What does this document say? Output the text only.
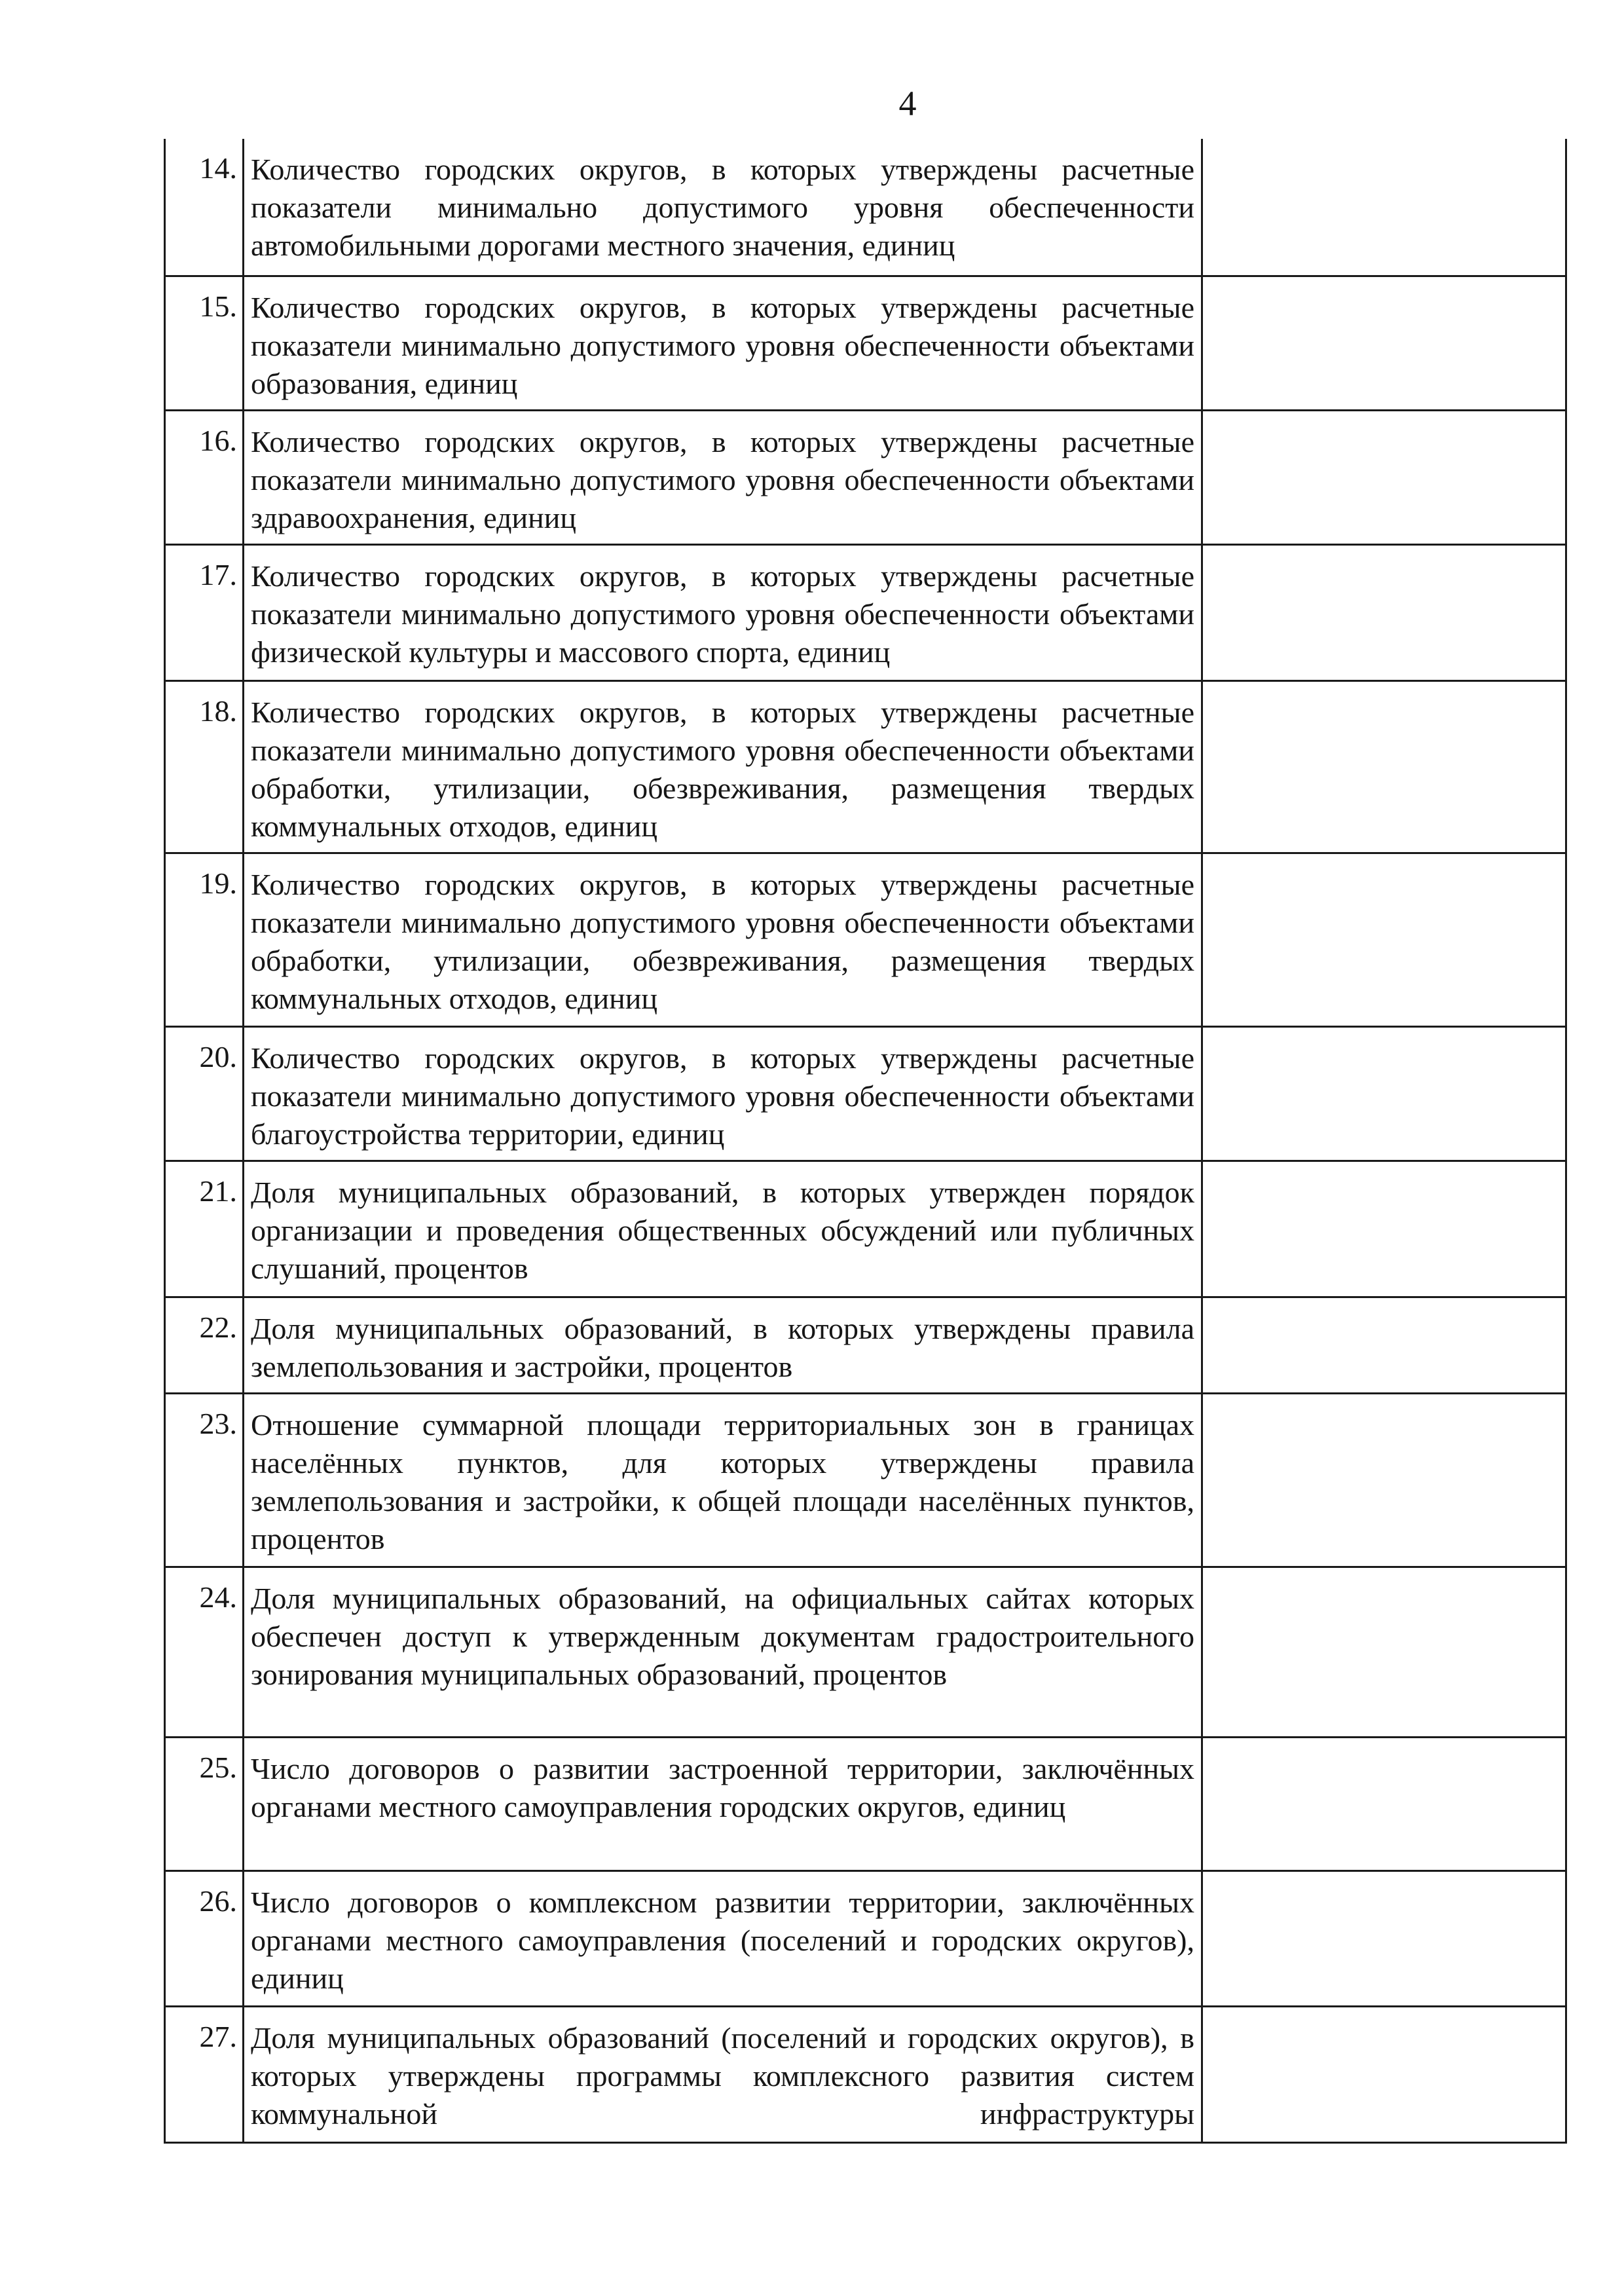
4
14.	Количество городских округов, в которых утверждены расчетные показатели минимально допустимого уровня обеспеченности автомобильными дорогами местного значения, единиц	

15.	Количество городских округов, в которых утверждены расчетные показатели минимально допустимого уровня обеспеченности объектами образования, единиц	

16.	Количество городских округов, в которых утверждены расчетные показатели минимально допустимого уровня обеспеченности объектами здравоохранения, единиц	

17.	Количество городских округов, в которых утверждены расчетные показатели минимально допустимого уровня обеспеченности объектами физической культуры и массового спорта, единиц	

18.	Количество городских округов, в которых утверждены расчетные показатели минимально допустимого уровня обеспеченности объектами обработки, утилизации, обезвреживания, размещения твердых коммунальных отходов, единиц	

19.	Количество городских округов, в которых утверждены расчетные показатели минимально допустимого уровня обеспеченности объектами обработки, утилизации, обезвреживания, размещения твердых коммунальных отходов, единиц	

20.	Количество городских округов, в которых утверждены расчетные показатели минимально допустимого уровня обеспеченности объектами благоустройства территории, единиц	

21.	Доля муниципальных образований, в которых утвержден порядок организации и проведения общественных обсуждений или публичных слушаний, процентов	

22.	Доля муниципальных образований, в которых утверждены правила землепользования и застройки, процентов	

23.	Отношение суммарной площади территориальных зон в границах населённых пунктов, для которых утверждены правила землепользования и застройки, к общей площади населённых пунктов, процентов	

24.	Доля муниципальных образований, на официальных сайтах которых обеспечен доступ к утвержденным документам градостроительного зонирования муниципальных образований, процентов	

25.	Число договоров о развитии застроенной территории, заключённых органами местного самоуправления городских округов, единиц	

26.	Число договоров о комплексном развитии территории, заключённых органами местного самоуправления (поселений и городских округов), единиц	

27.	Доля муниципальных образований (поселений и городских округов), в которых утверждены программы комплексного развития систем коммунальной инфраструктуры	
